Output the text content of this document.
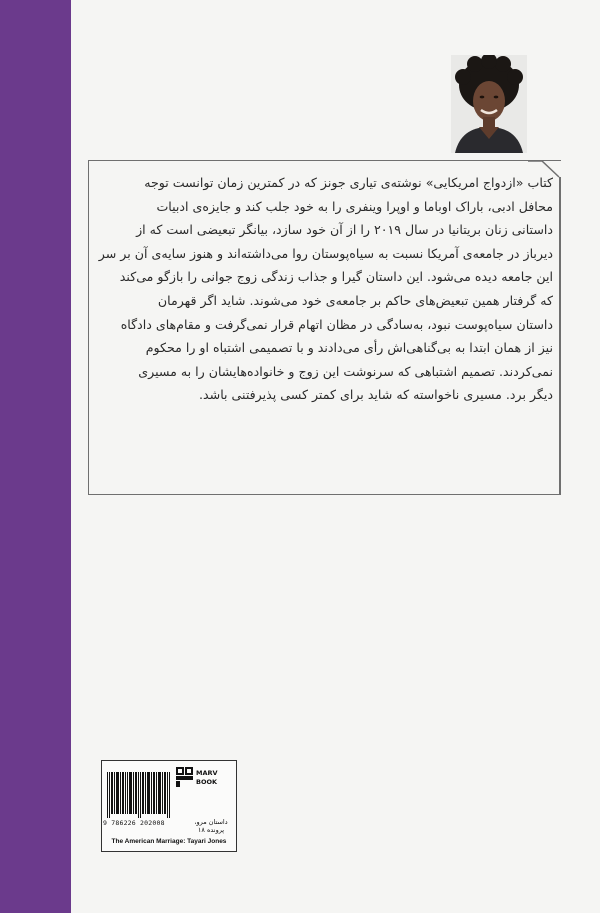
کتاب «ازدواج امریکایی» نوشته‌ی تیاری جونز که در کمترین زمان توانست توجه
محافل ادبی، باراک اوباما و اوپرا وینفری را به خود جلب کند و جایزه‌ی ادبیات
داستانی زنان بریتانیا در سال ۲۰۱۹ را از آن خود سازد، بیانگر تبعیضی است که از
دیرباز در جامعه‌ی آمریکا نسبت به سیاه‌پوستان روا می‌داشته‌اند و هنوز سایه‌ی آن بر سر
این جامعه دیده می‌شود. این داستان گیرا و جذاب زندگی زوج جوانی را بازگو می‌کند
که گرفتار همین تبعیض‌های حاکم بر جامعه‌ی خود می‌شوند. شاید اگر قهرمان
داستان سیاه‌پوست نبود، به‌سادگی در مظان اتهام قرار نمی‌گرفت و مقام‌های دادگاه
نیز از همان ابتدا به بی‌گناهی‌اش رأی می‌دادند و با تصمیمی اشتباه او را محکوم
نمی‌کردند. تصمیم اشتباهی که سرنوشت این زوج و خانواده‌هایشان را به مسیری
دیگر برد. مسیری ناخواسته که شاید برای کمتر کسی پذیرفتنی باشد.
MARV
BOOK
9 786226 202008	داستان مرو، پرونده ۱۸
The American Marriage: Tayari Jones
